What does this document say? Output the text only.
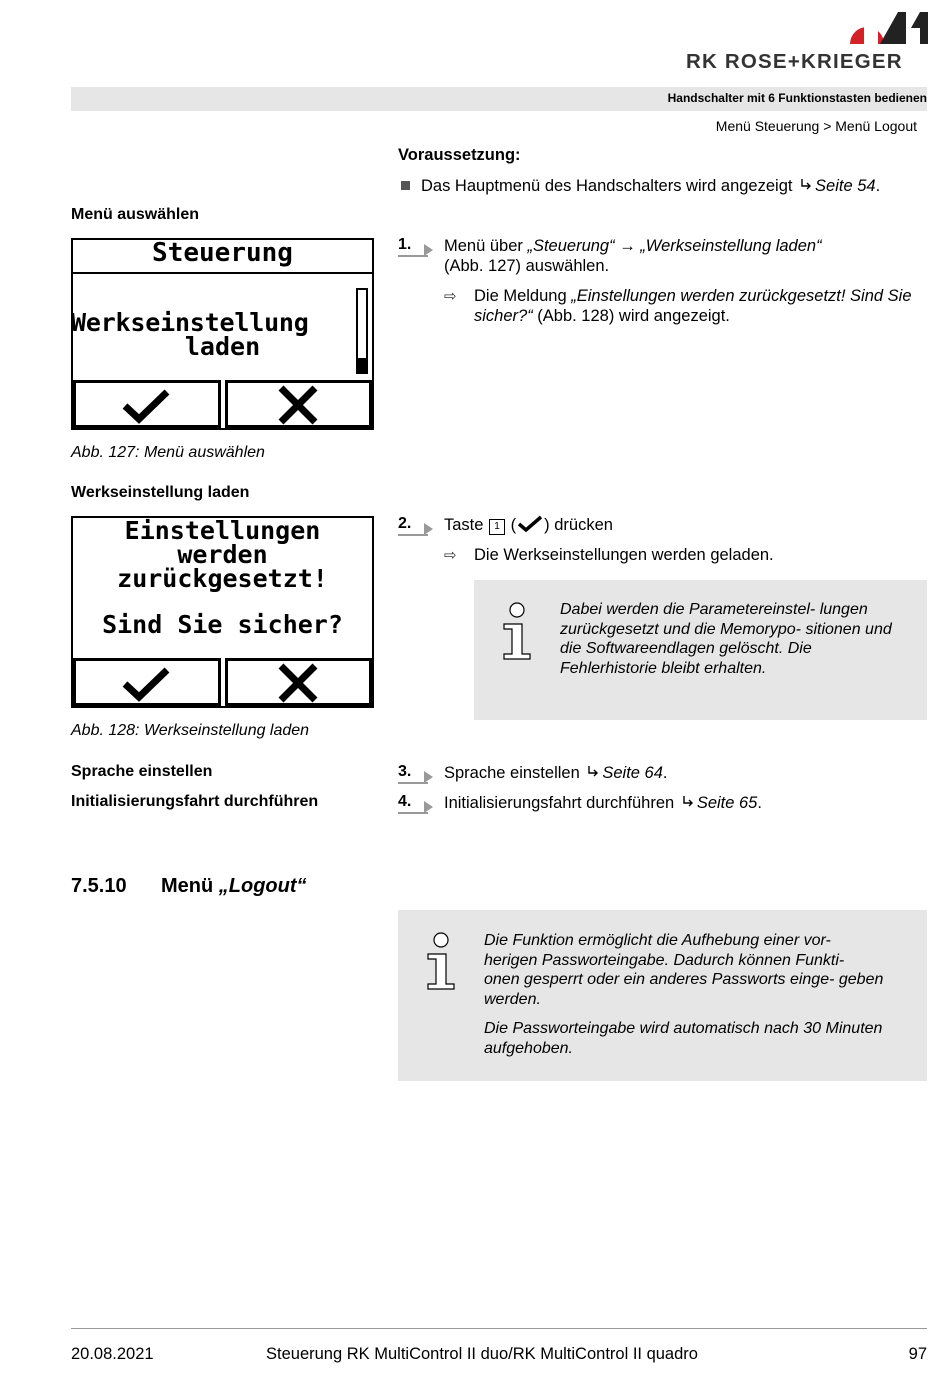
RK ROSE+KRIEGER
Handschalter mit 6 Funktionstasten bedienen
Menü Steuerung > Menü Logout
Voraussetzung:
Das Hauptmenü des Handschalters wird angezeigt Seite 54.
Menü auswählen
Steuerung
Werkseinstellung
laden
Abb. 127: Menü auswählen
1.	Menü über „Steuerung“ → „Werkseinstellung laden“
(Abb. 127) auswählen.
⇨ Die Meldung „Einstellungen werden zurückgesetzt! Sind Sie sicher?“ (Abb. 128) wird angezeigt.
Werkseinstellung laden
Einstellungen
werden
zurückgesetzt!
Sind Sie sicher?
Abb. 128: Werkseinstellung laden
2.	Taste 1 ( ) drücken
⇨ Die Werkseinstellungen werden geladen.
Dabei werden die Parametereinstel- lungen zurückgesetzt und die Memorypo- sitionen und die Softwareendlagen gelöscht. Die Fehlerhistorie bleibt erhalten.
Sprache einstellen	3.	Sprache einstellen Seite 64.
Initialisierungsfahrt durchführen	4.	Initialisierungsfahrt durchführen Seite 65.
7.5.10 Menü „Logout“
Die Funktion ermöglicht die Aufhebung einer vor- herigen Passworteingabe. Dadurch können Funkti- onen gesperrt oder ein anderes Passworts einge- geben werden.
Die Passworteingabe wird automatisch nach 30 Minuten aufgehoben.
20.08.2021	Steuerung RK MultiControl II duo/RK MultiControl II quadro	97
